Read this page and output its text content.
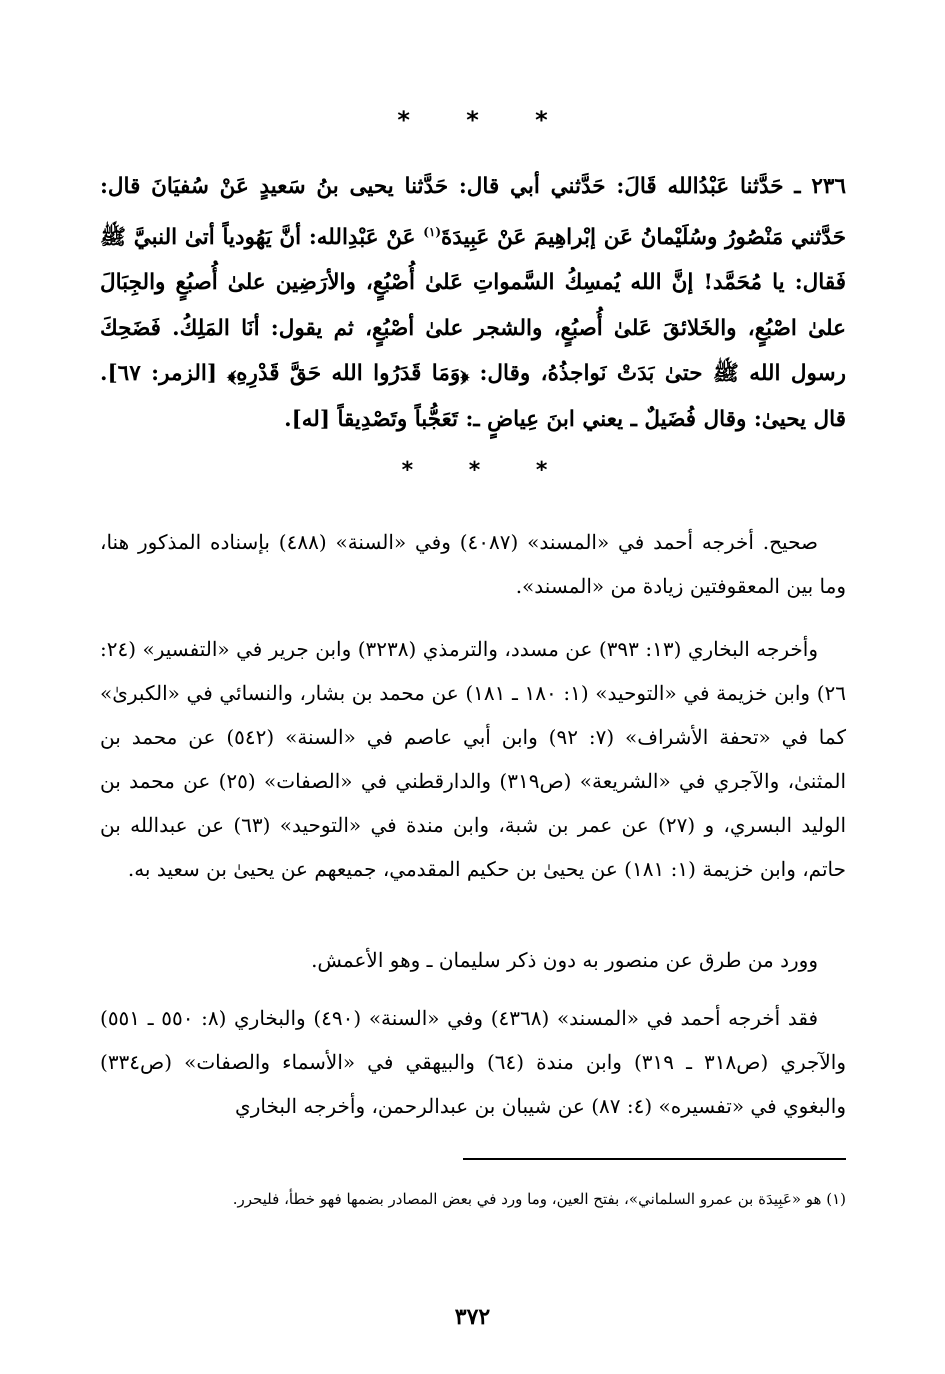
* * *

٢٣٦ ـ حَدَّثنا عَبْدُالله قَالَ: حَدَّثني أبي قال: حَدَّثنا يحيى بنُ سَعيدٍ عَنْ سُفيَانَ قال: حَدَّثني مَنْصُورُ وسُلَيْمانُ عَن إبْراهِيمَ عَنْ عَبِيدَةَ$^{(١)}$ عَنْ عَبْدِالله: أنَّ يَهُودياً أتىٰ النبيَّ ﷺ فَقال: يا مُحَمَّد! إنَّ الله يُمسِكُ السَّمواتِ عَلىٰ أُصْبُعٍ، والأرَضِين علىٰ أُصبُعٍ والجِبَالَ علىٰ اصْبُعٍ، والخَلائقَ عَلىٰ أُصبُعٍ، والشجر علىٰ أصْبُعٍ، ثم يقول: أنَا المَلِكُ. فَضَحِكَ رسول الله ﷺ حتىٰ بَدَتْ نَواجذُهُ، وقال: ﴿وَمَا قَدَرُوا الله حَقَّ قَدْرِهِ﴾ [الزمر: ٦٧]. قال يحيىٰ: وقال فُضَيلٌ ـ يعني ابنَ عِياضٍ ـ: تَعَجُّباً وتَصْدِيقاً [له].

* * *

صحيح. أخرجه أحمد في «المسند» (٤٠٨٧) وفي «السنة» (٤٨٨) بإسناده المذكور هنا، وما بين المعقوفتين زيادة من «المسند».

وأخرجه البخاري (١٣: ٣٩٣) عن مسدد، والترمذي (٣٢٣٨) وابن جرير في «التفسير» (٢٤: ٢٦) وابن خزيمة في «التوحيد» (١: ١٨٠ ـ ١٨١) عن محمد بن بشار، والنسائي في «الكبرىٰ» كما في «تحفة الأشراف» (٧: ٩٢) وابن أبي عاصم في «السنة» (٥٤٢) عن محمد بن المثنىٰ، والآجري في «الشريعة» (ص٣١٩) والدارقطني في «الصفات» (٢٥) عن محمد بن الوليد البسري، و (٢٧) عن عمر بن شبة، وابن مندة في «التوحيد» (٦٣) عن عبدالله بن حاتم، وابن خزيمة (١: ١٨١) عن يحيىٰ بن حكيم المقدمي، جميعهم عن يحيىٰ بن سعيد به.

وورد من طرق عن منصور به دون ذكر سليمان ـ وهو الأعمش.

فقد أخرجه أحمد في «المسند» (٤٣٦٨) وفي «السنة» (٤٩٠) والبخاري (٨: ٥٥٠ ـ ٥٥١) والآجري (ص٣١٨ ـ ٣١٩) وابن مندة (٦٤) والبيهقي في «الأسماء والصفات» (ص٣٣٤) والبغوي في «تفسيره» (٤: ٨٧) عن شيبان بن عبدالرحمن، وأخرجه البخاري

(١) هو «عَبِيدَة بن عمرو السلماني»، بفتح العين، وما ورد في بعض المصادر بضمها فهو خطأ، فليحرر.

٣٧٢
